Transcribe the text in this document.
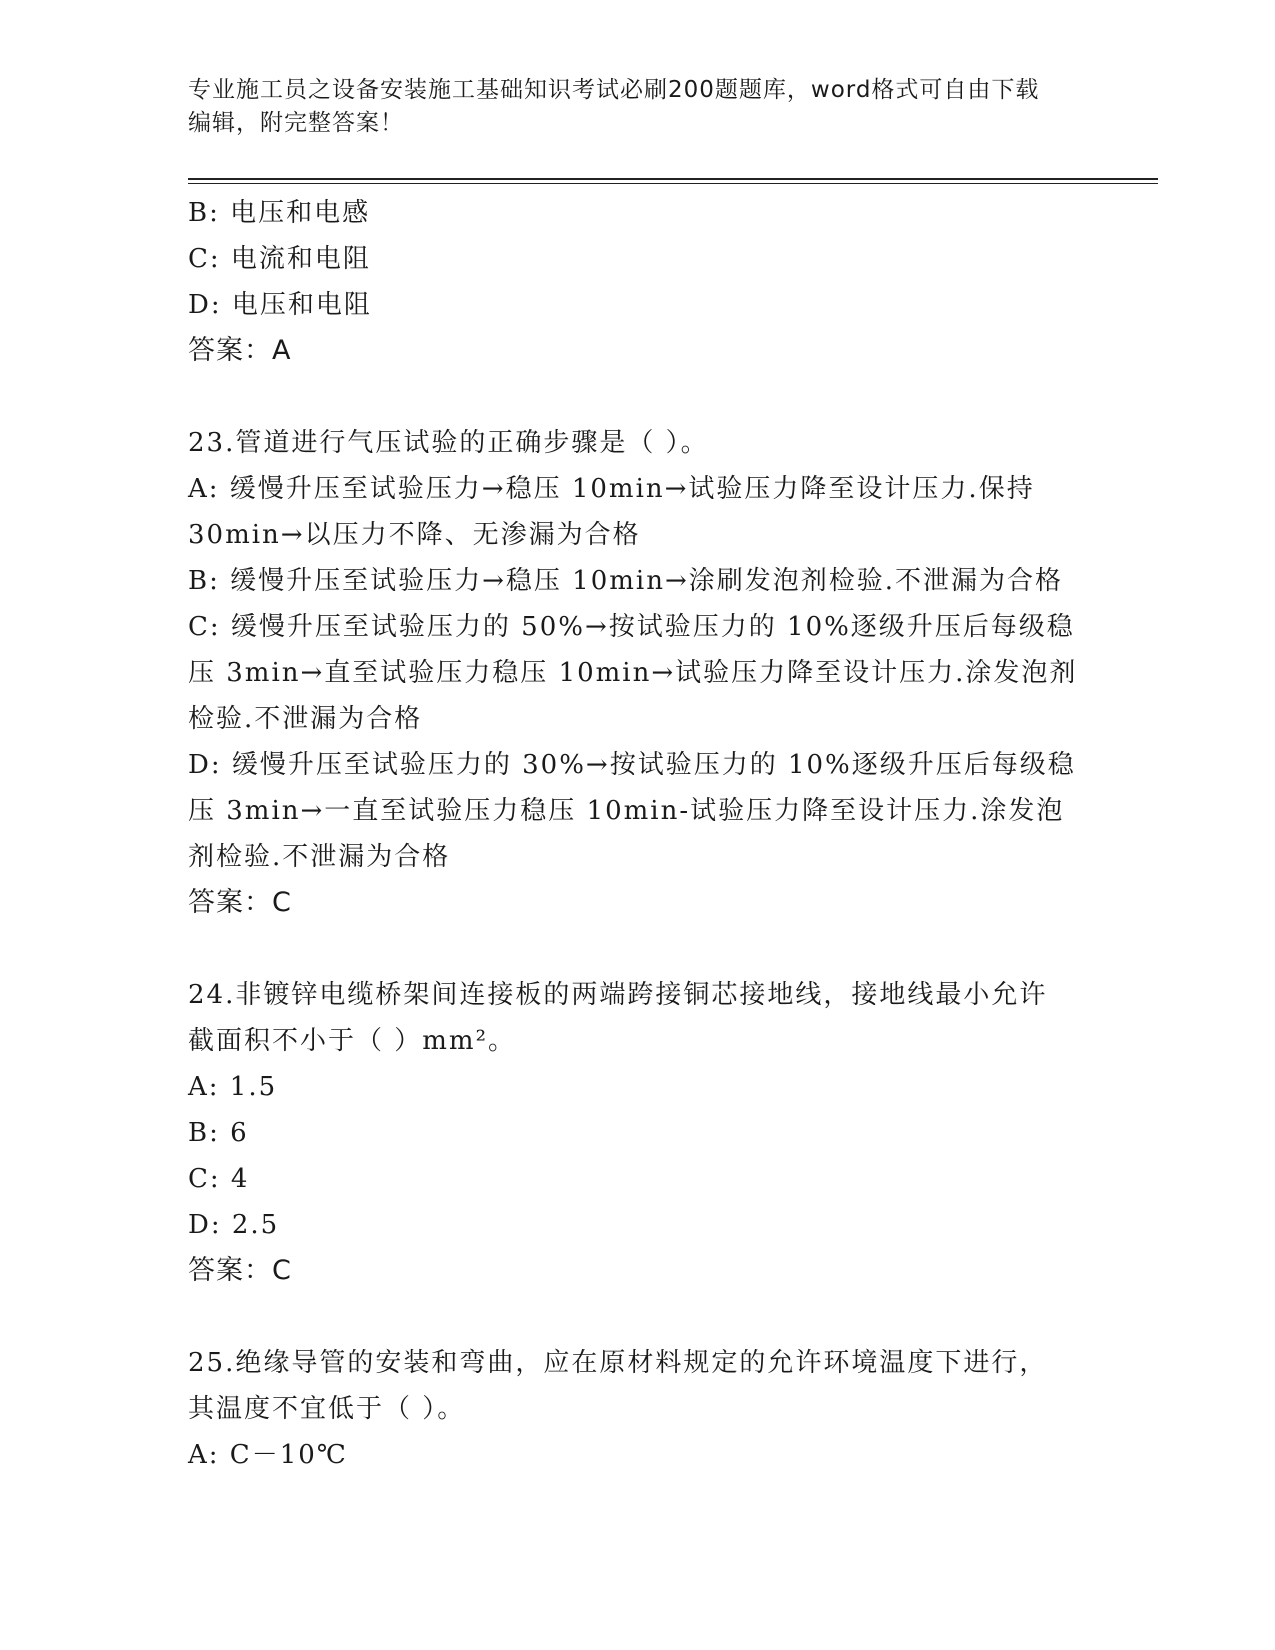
专业施工员之设备安装施工基础知识考试必刷200题题库，word格式可自由下载
编辑，附完整答案！
B: 电压和电感
C: 电流和电阻
D: 电压和电阻
答案：A
23.管道进行气压试验的正确步骤是（ ）。
A: 缓慢升压至试验压力→稳压 10min→试验压力降至设计压力.保持
30min→以压力不降、无渗漏为合格
B: 缓慢升压至试验压力→稳压 10min→涂刷发泡剂检验.不泄漏为合格
C: 缓慢升压至试验压力的 50%→按试验压力的 10%逐级升压后每级稳
压 3min→直至试验压力稳压 10min→试验压力降至设计压力.涂发泡剂
检验.不泄漏为合格
D: 缓慢升压至试验压力的 30%→按试验压力的 10%逐级升压后每级稳
压 3min→一直至试验压力稳压 10min-试验压力降至设计压力.涂发泡
剂检验.不泄漏为合格
答案：C
24.非镀锌电缆桥架间连接板的两端跨接铜芯接地线，接地线最小允许
截面积不小于（ ）mm²。
A: 1.5
B: 6
C: 4
D: 2.5
答案：C
25.绝缘导管的安装和弯曲，应在原材料规定的允许环境温度下进行，
其温度不宜低于（ ）。
A: C－10℃
